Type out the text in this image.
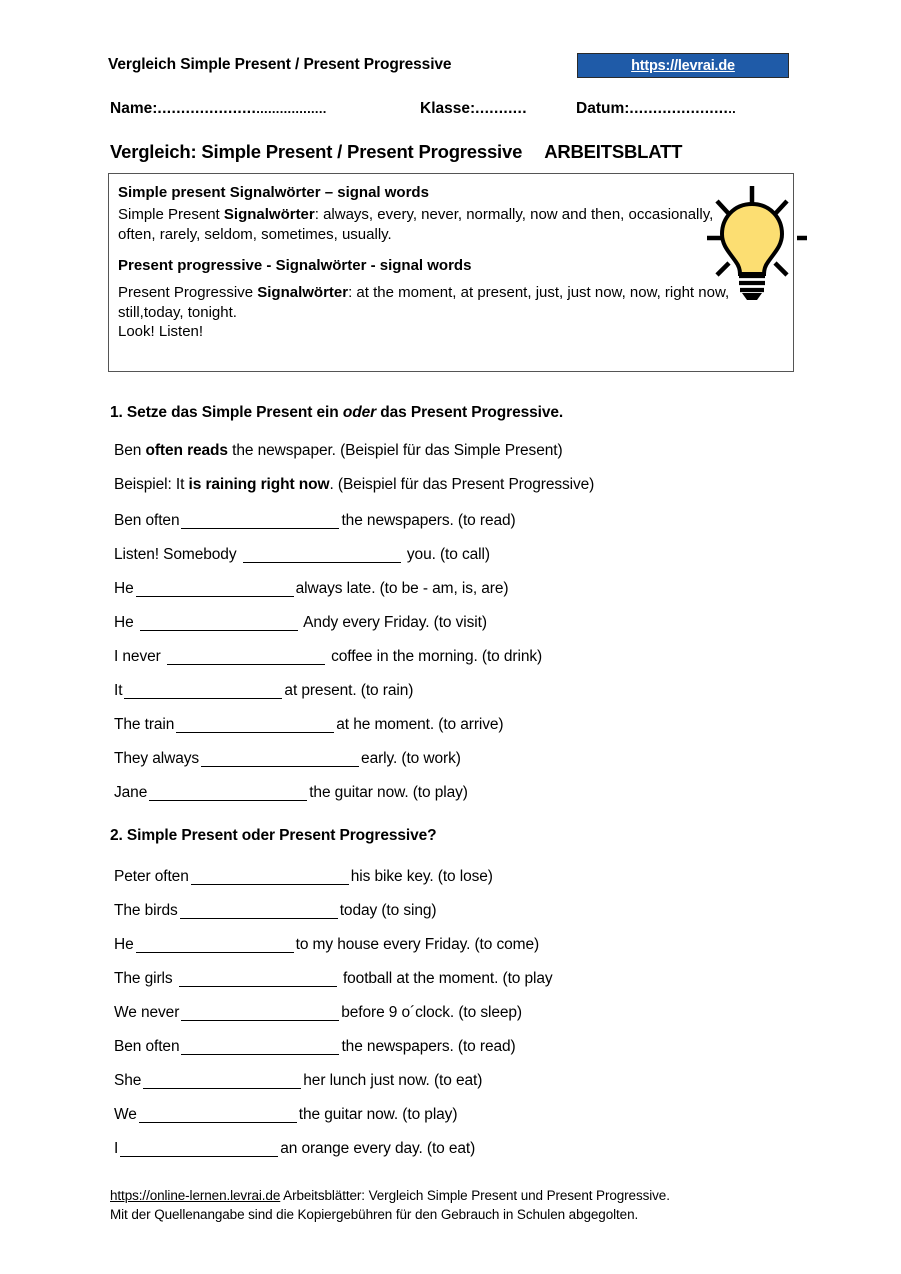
Vergleich Simple Present / Present Progressive	https://levrai.de
Name:.......................................	Klasse:...........	Datum:.......................
Vergleich: Simple Present / Present Progressive ARBEITSBLATT

Simple present Signalwörter – signal words

Simple Present Signalwörter: always, every, never, normally, now and then, occasionally, often, rarely, seldom, sometimes, usually.

Present progressive - Signalwörter - signal words

Present Progressive Signalwörter: at the moment, at present, just, just now, now, right now, still,today, tonight.

Look! Listen!

1. Setze das Simple Present ein oder das Present Progressive.
Ben often reads the newspaper. (Beispiel für das Simple Present)
Beispiel: It is raining right now. (Beispiel für das Present Progressive)
Ben often	the newspapers. (to read)
Listen! Somebody	you. (to call)
He	always late. (to be - am, is, are)
He	Andy every Friday. (to visit)
I never	coffee in the morning. (to drink)
It	at present. (to rain)
The train	at he moment. (to arrive)
They always	early. (to work)
Jane	the guitar now. (to play)
2. Simple Present oder Present Progressive?
Peter often	his bike key. (to lose)
The birds	today (to sing)
He	to my house every Friday. (to come)
The girls	football at the moment. (to play
We never	before 9 o´clock. (to sleep)
Ben often	the newspapers. (to read)
She	her lunch just now. (to eat)
We	the guitar now. (to play)
I	an orange every day. (to eat)
https://online-lernen.levrai.de Arbeitsblätter: Vergleich Simple Present und Present Progressive.
Mit der Quellenangabe sind die Kopiergebühren für den Gebrauch in Schulen abgegolten.
